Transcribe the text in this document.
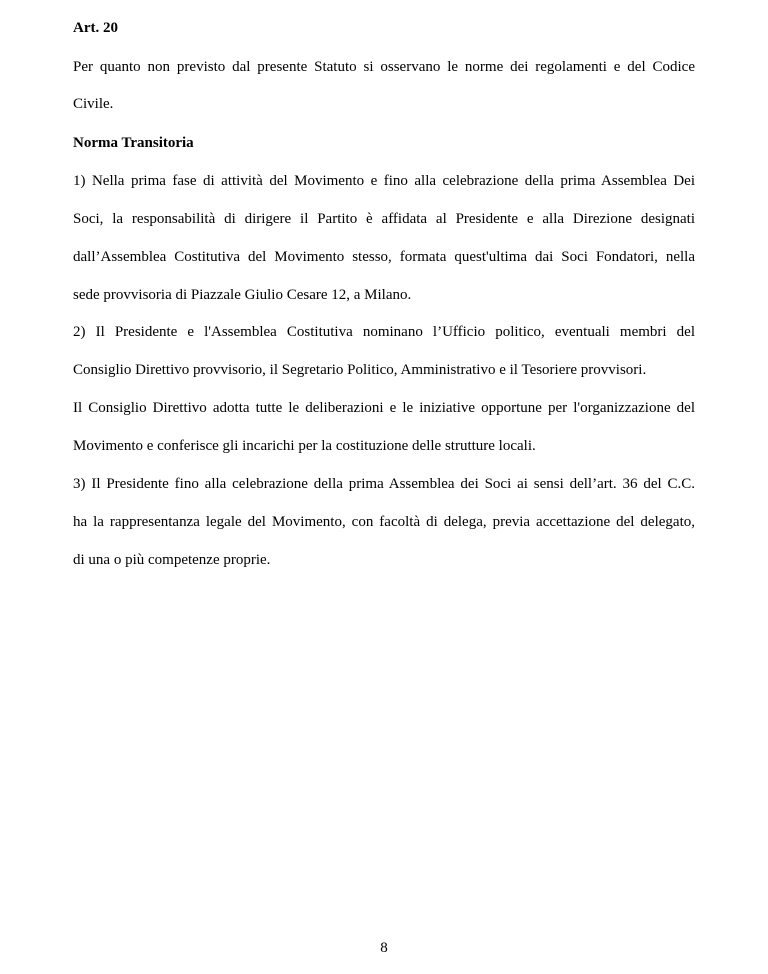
Art. 20
Per quanto non previsto dal presente Statuto si osservano le norme dei regolamenti e del Codice
Civile.
Norma Transitoria
1) Nella prima fase di attività del Movimento e fino alla celebrazione della prima Assemblea Dei
Soci, la responsabilità di dirigere il Partito è affidata al Presidente e alla Direzione designati
dall’Assemblea Costitutiva del Movimento stesso, formata quest'ultima dai Soci Fondatori, nella
sede provvisoria di Piazzale Giulio Cesare 12, a Milano.
2) Il Presidente e l'Assemblea Costitutiva nominano l’Ufficio politico, eventuali membri del
Consiglio Direttivo provvisorio, il Segretario Politico, Amministrativo e il Tesoriere provvisori.
Il Consiglio Direttivo adotta tutte le deliberazioni e le iniziative opportune per l'organizzazione del
Movimento e conferisce gli incarichi per la costituzione delle strutture locali.
3) Il Presidente fino alla celebrazione della prima Assemblea dei Soci ai sensi dell’art. 36 del C.C.
ha la rappresentanza legale del Movimento, con facoltà di delega, previa accettazione del delegato,
di una o più competenze proprie.
8
